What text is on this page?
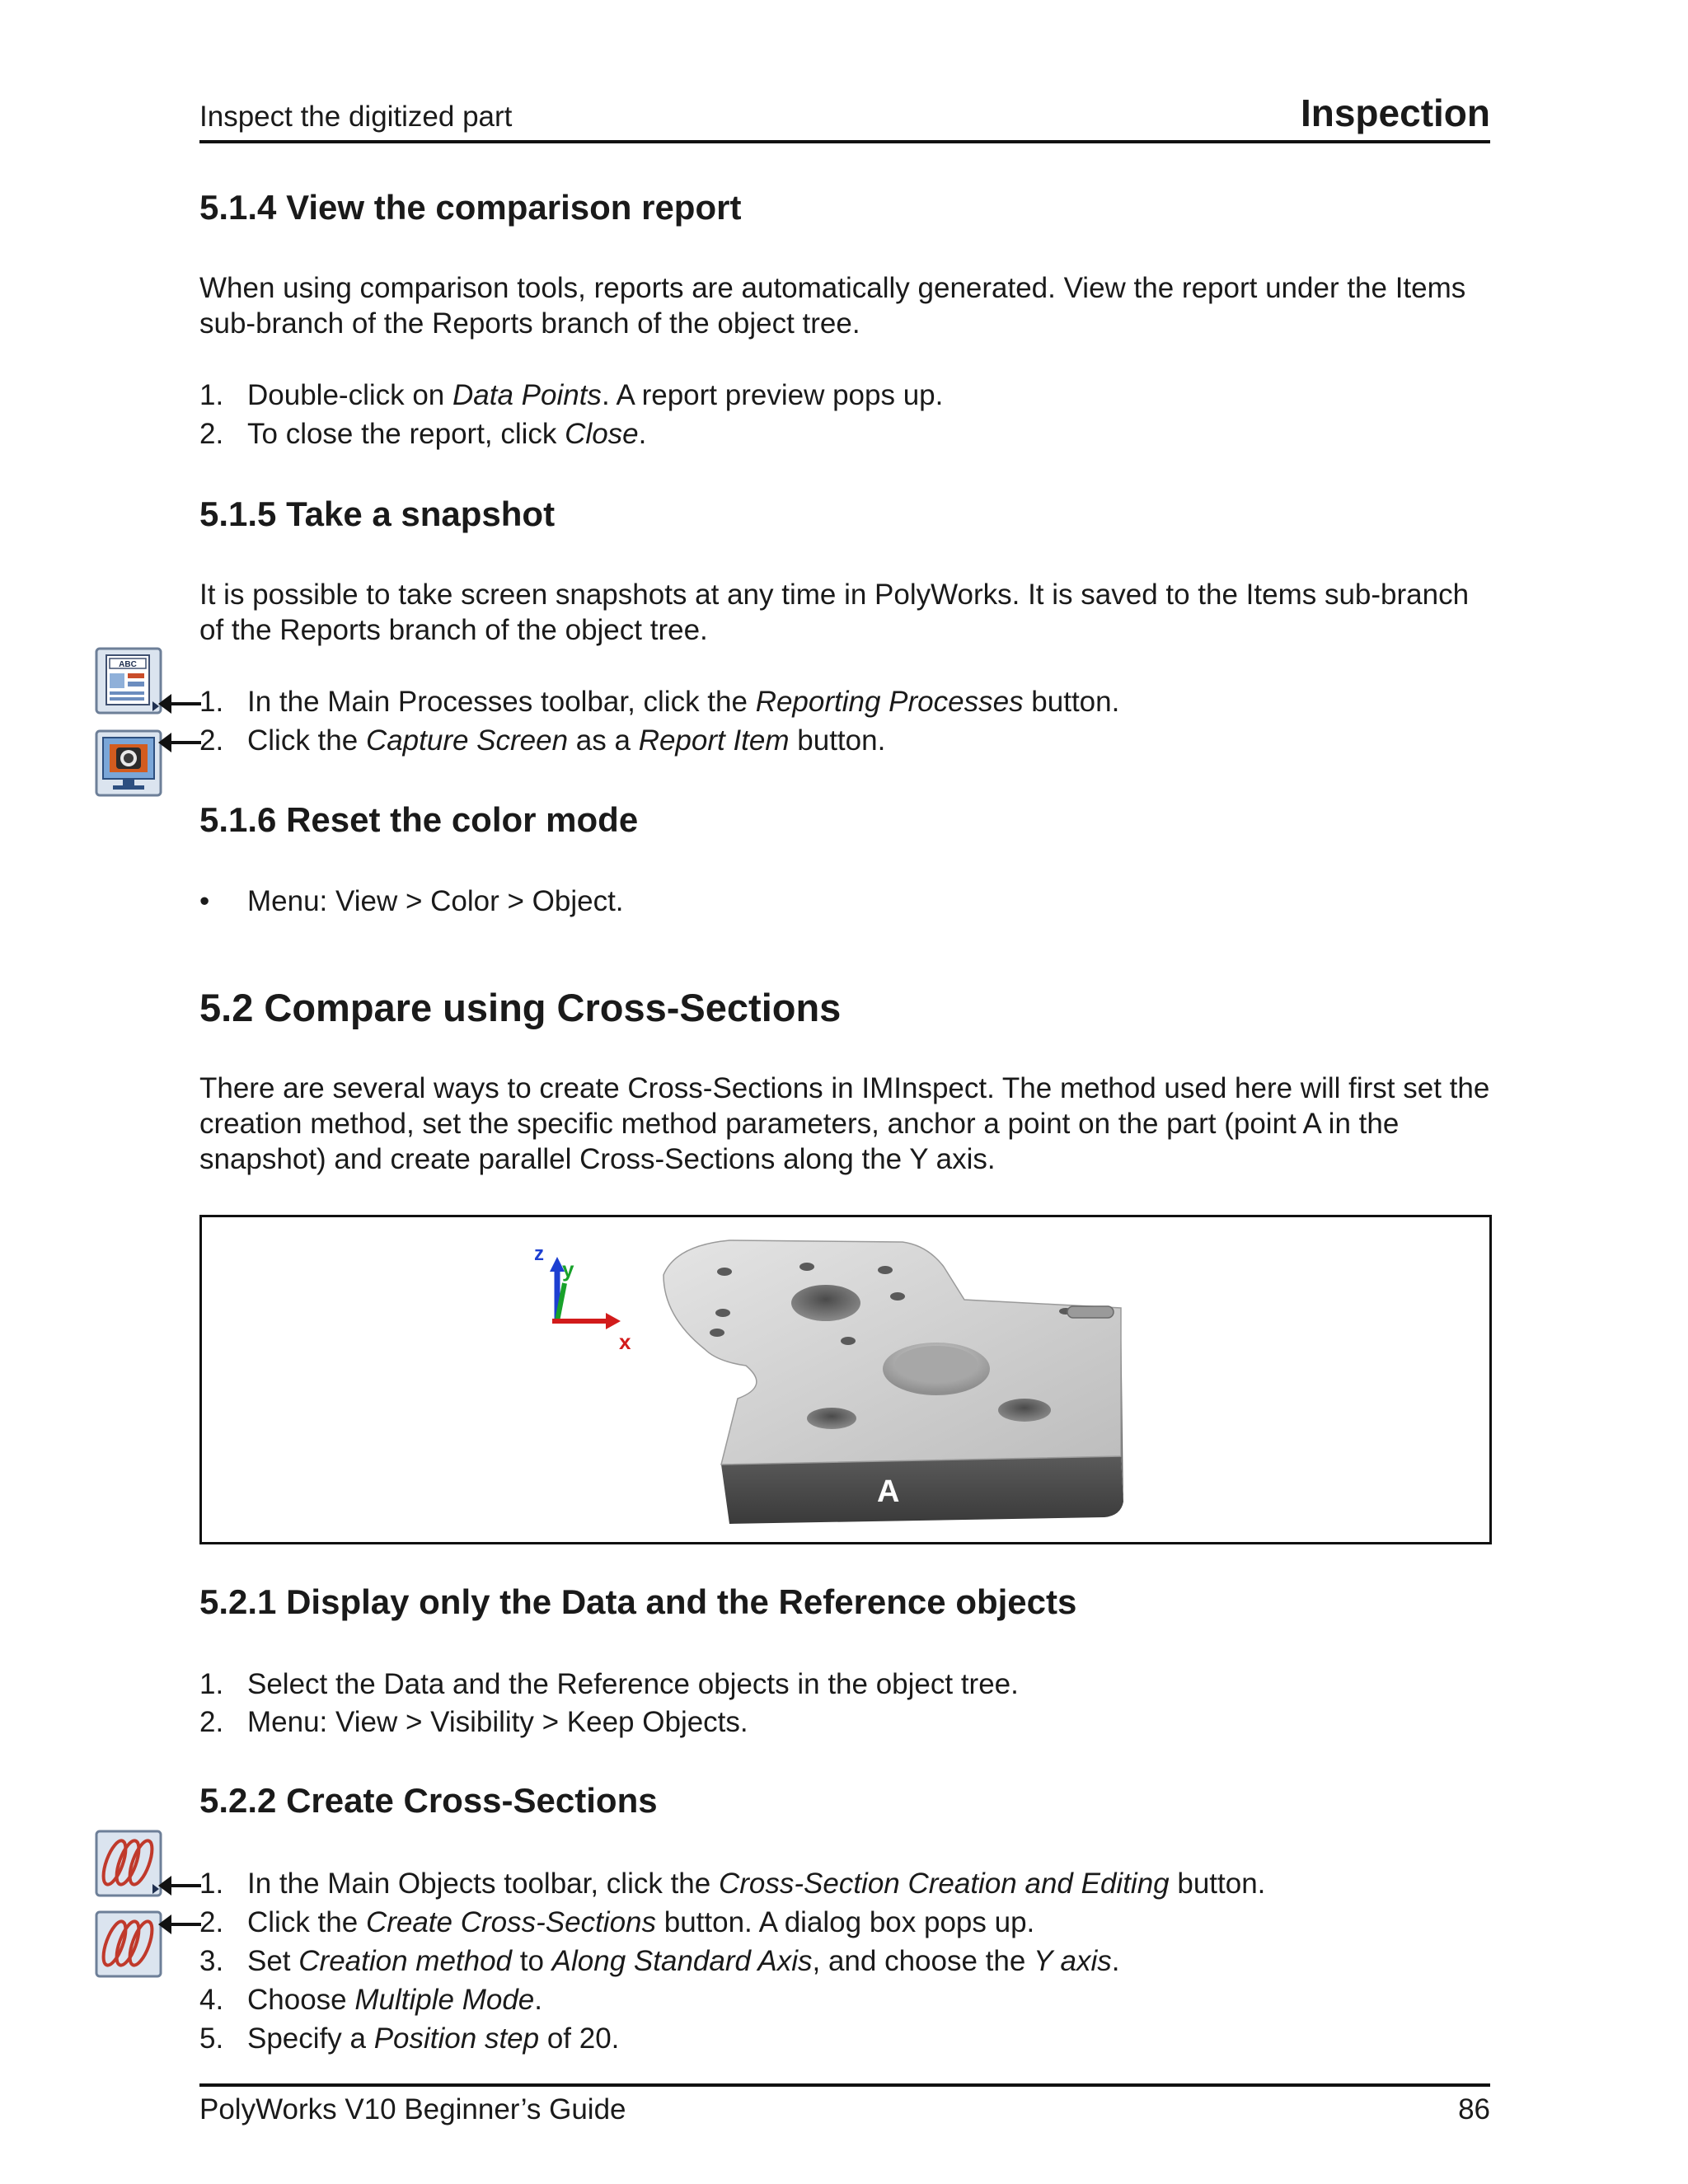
Inspect the digitized part	Inspection
5.1.4 View the comparison report

When using comparison tools, reports are automatically generated. View the report under the Items sub-branch of the Reports branch of the object tree.

1. Double-click on Data Points. A report preview pops up.
2. To close the report, click Close.
5.1.5 Take a snapshot

It is possible to take screen snapshots at any time in PolyWorks. It is saved to the Items sub-branch of the Reports branch of the object tree.

ABC
1. In the Main Processes toolbar, click the Reporting Processes button.
2. Click the Capture Screen as a Report Item button.
5.1.6 Reset the color mode
• Menu: View > Color > Object.
5.2 Compare using Cross-Sections

There are several ways to create Cross-Sections in IMInspect. The method used here will first set the creation method, set the specific method parameters, anchor a point on the part (point A in the snapshot) and create parallel Cross-Sections along the Y axis.

z
y
x
A
5.2.1 Display only the Data and the Reference objects
1. Select the Data and the Reference objects in the object tree.
2. Menu: View > Visibility > Keep Objects.
5.2.2 Create Cross-Sections
1. In the Main Objects toolbar, click the Cross-Section Creation and Editing button.
2. Click the Create Cross-Sections button. A dialog box pops up.
3. Set Creation method to Along Standard Axis, and choose the Y axis.
4. Choose Multiple Mode.
5. Specify a Position step of 20.
PolyWorks V10 Beginner’s Guide	86
